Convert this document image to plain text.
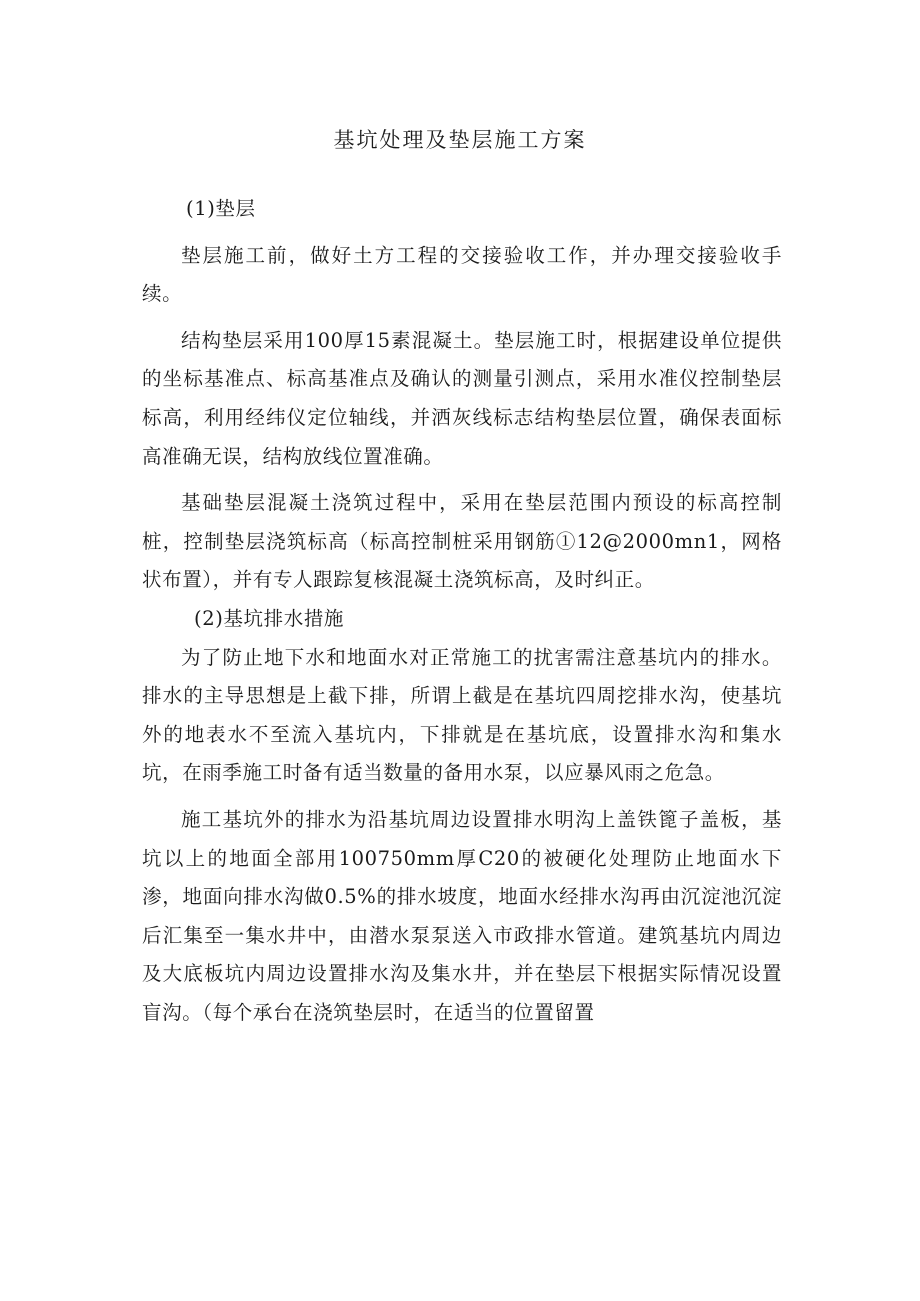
基坑处理及垫层施工方案

(1)垫层

垫层施工前，做好土方工程的交接验收工作，并办理交接验收手续。

结构垫层采用100厚15素混凝土。垫层施工时，根据建设单位提供的坐标基准点、标高基准点及确认的测量引测点，采用水准仪控制垫层标高，利用经纬仪定位轴线，并洒灰线标志结构垫层位置，确保表面标高准确无误，结构放线位置准确。

基础垫层混凝土浇筑过程中，采用在垫层范围内预设的标高控制桩，控制垫层浇筑标高（标高控制桩采用钢筋①12@2000mn1，网格状布置），并有专人跟踪复核混凝土浇筑标高，及时纠正。

(2)基坑排水措施

为了防止地下水和地面水对正常施工的扰害需注意基坑内的排水。排水的主导思想是上截下排，所谓上截是在基坑四周挖排水沟，使基坑外的地表水不至流入基坑内，下排就是在基坑底，设置排水沟和集水坑，在雨季施工时备有适当数量的备用水泵，以应暴风雨之危急。

施工基坑外的排水为沿基坑周边设置排水明沟上盖铁篦子盖板，基坑以上的地面全部用100750mm厚C20的被硬化处理防止地面水下渗，地面向排水沟做0.5%的排水坡度，地面水经排水沟再由沉淀池沉淀后汇集至一集水井中，由潜水泵泵送入市政排水管道。建筑基坑内周边及大底板坑内周边设置排水沟及集水井，并在垫层下根据实际情况设置盲沟。（每个承台在浇筑垫层时，在适当的位置留置
